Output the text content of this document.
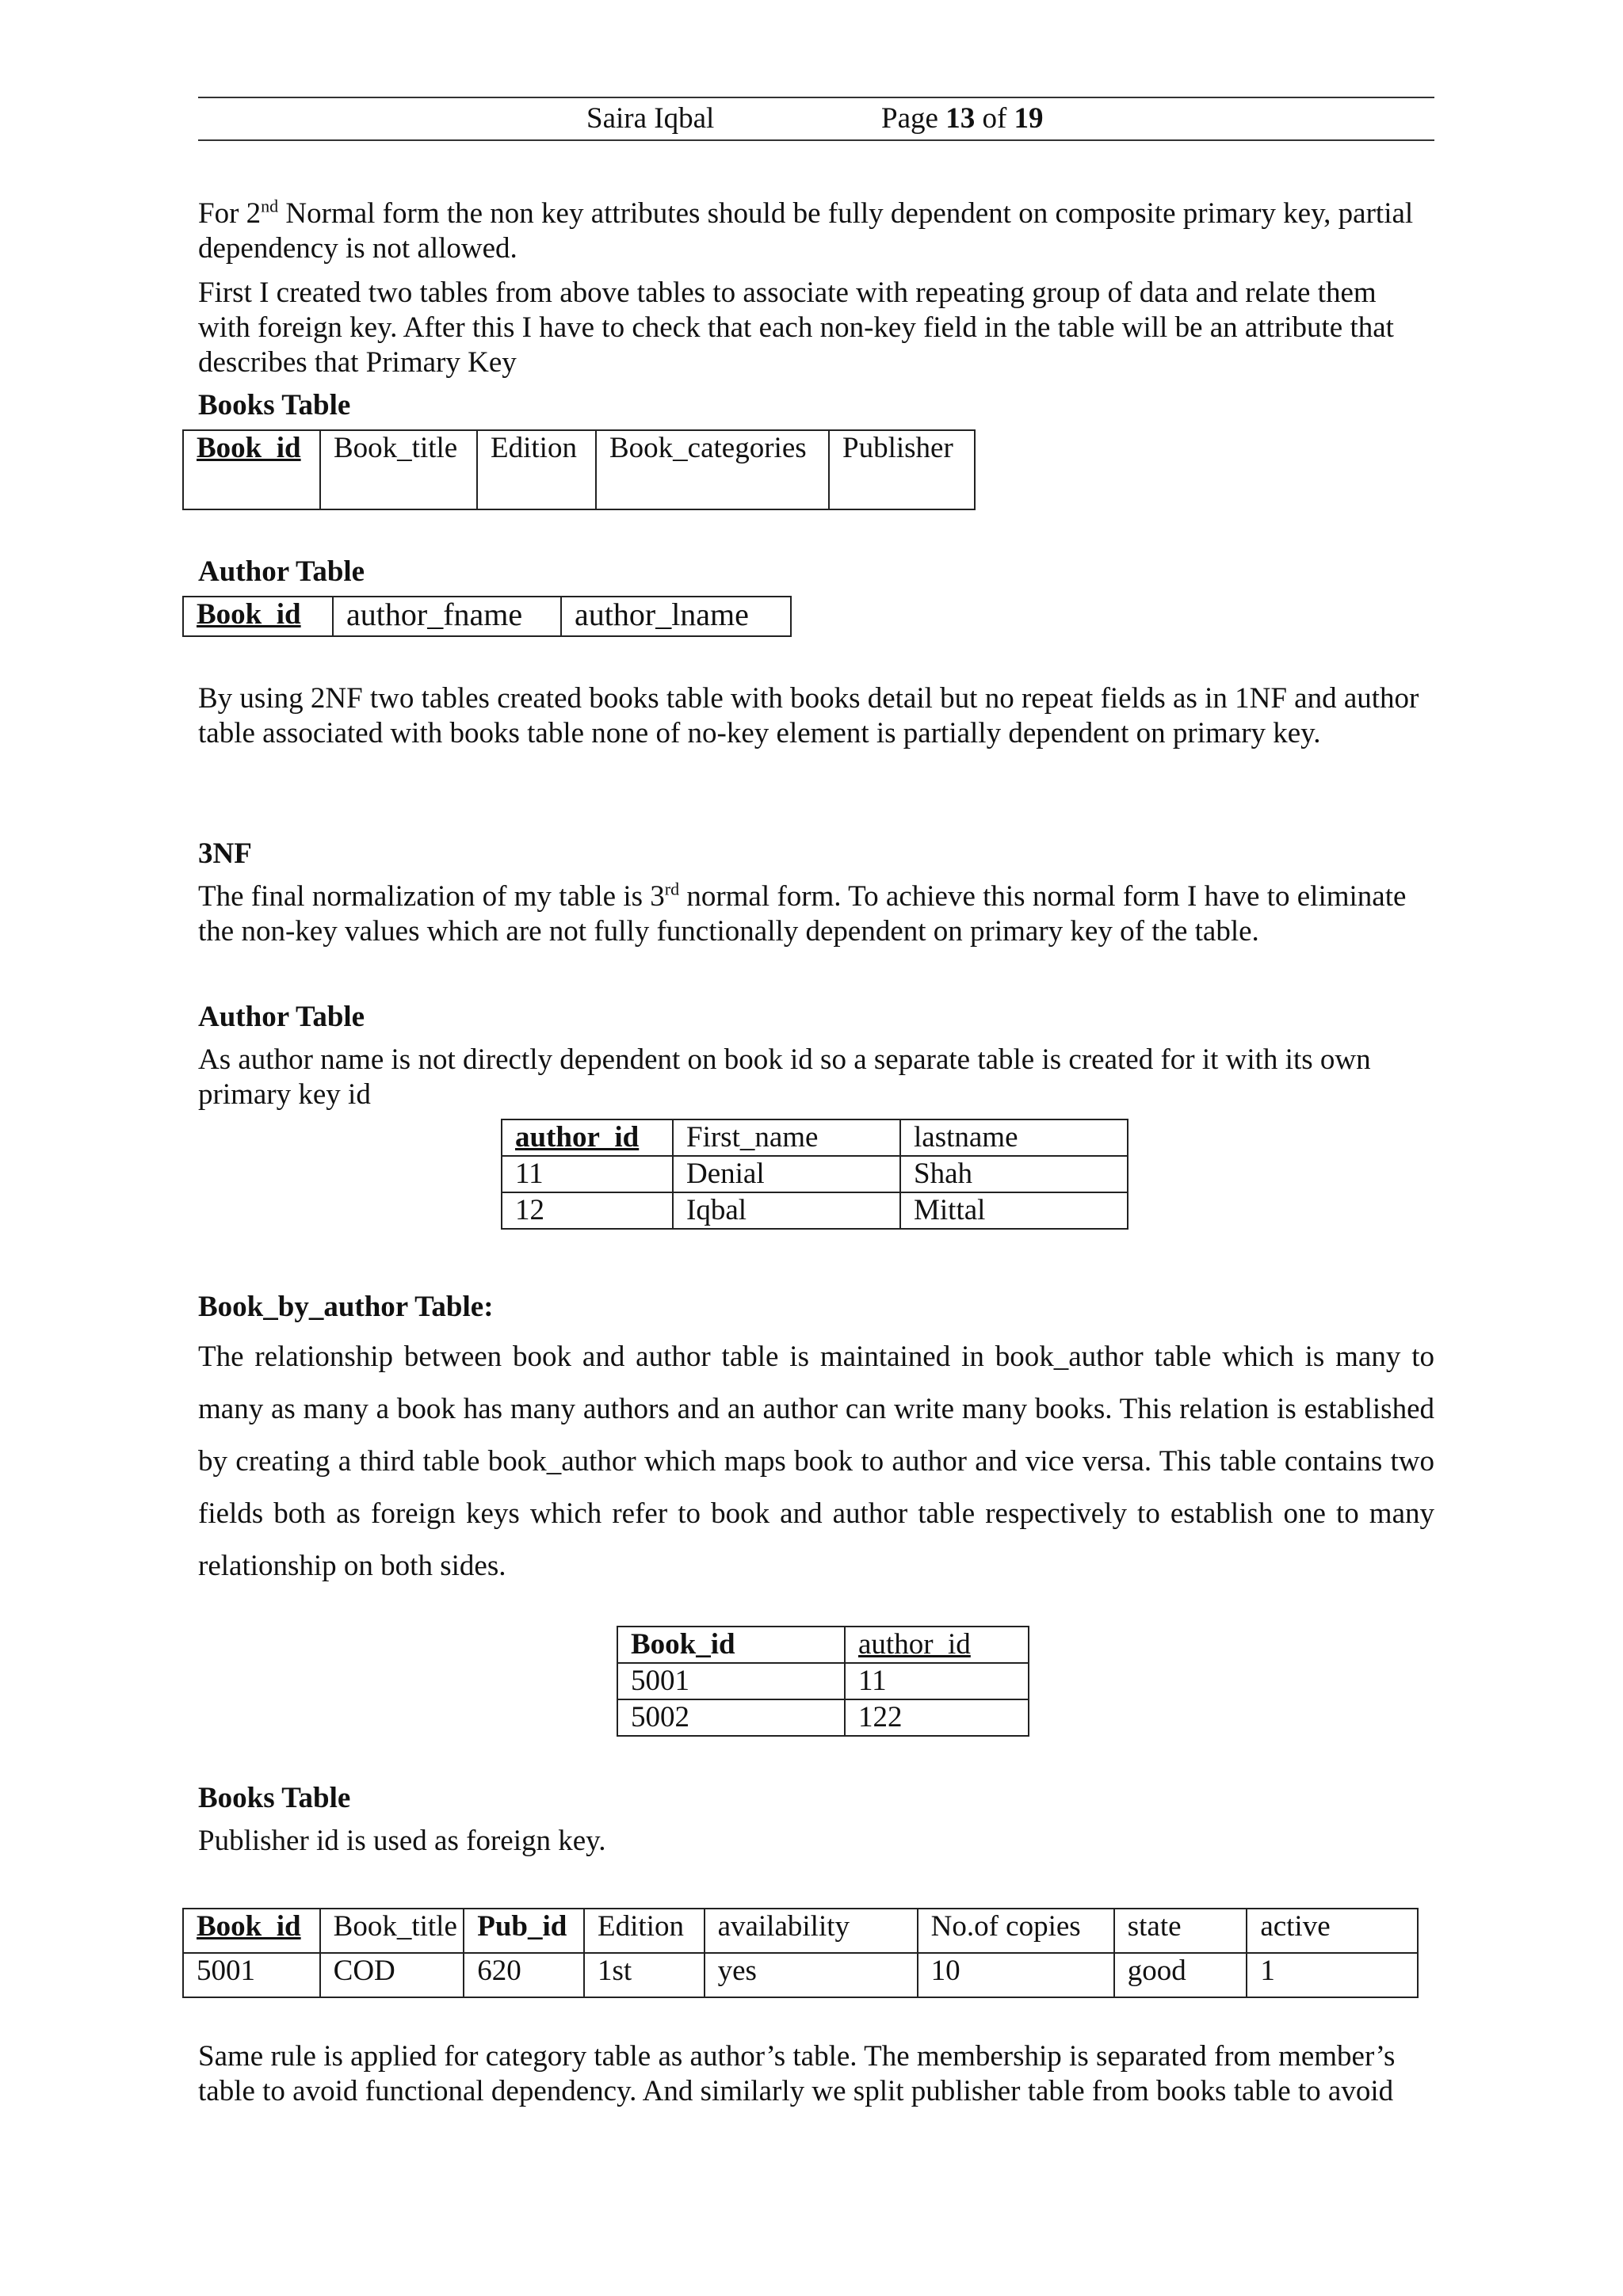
Saira Iqbal	Page 13 of 19

For 2nd Normal form the non key attributes should be fully dependent on composite primary key, partial dependency is not allowed.

First I created two tables from above tables to associate with repeating group of data and relate them with foreign key. After this I have to check that each non-key field in the table will be an attribute that describes that Primary Key

Books Table

Book_id	Book_title	Edition	Book_categories	Publisher

Author Table

Book_id	author_fname	author_lname

By using 2NF two tables created books table with books detail but no repeat fields as in 1NF and author table associated with books table none of no-key element is partially dependent on primary key.

3NF

The final normalization of my table is 3rd normal form. To achieve this normal form I have to eliminate the non-key values which are not fully functionally dependent on primary key of the table.

Author Table

As author name is not directly dependent on book id so a separate table is created for it with its own primary key id

author_id	First_name	lastname
11	Denial	Shah
12	Iqbal	Mittal

Book_by_author Table:

The relationship between book and author table is maintained in book_author table which is many to many as many a book has many authors and an author can write many books. This relation is established by creating a third table book_author which maps book to author and vice versa. This table contains two fields both as foreign keys which refer to book and author table respectively to establish one to many relationship on both sides.

Book_id	author_id
5001	11
5002	122

Books Table

Publisher id is used as foreign key.

Book_id	Book_title	Pub_id	Edition	availability	No.of copies	state	active
5001	COD	620	1st	yes	10	good	1

Same rule is applied for category table as author’s table. The membership is separated from member’s table to avoid functional dependency. And similarly we split publisher table from books table to avoid
